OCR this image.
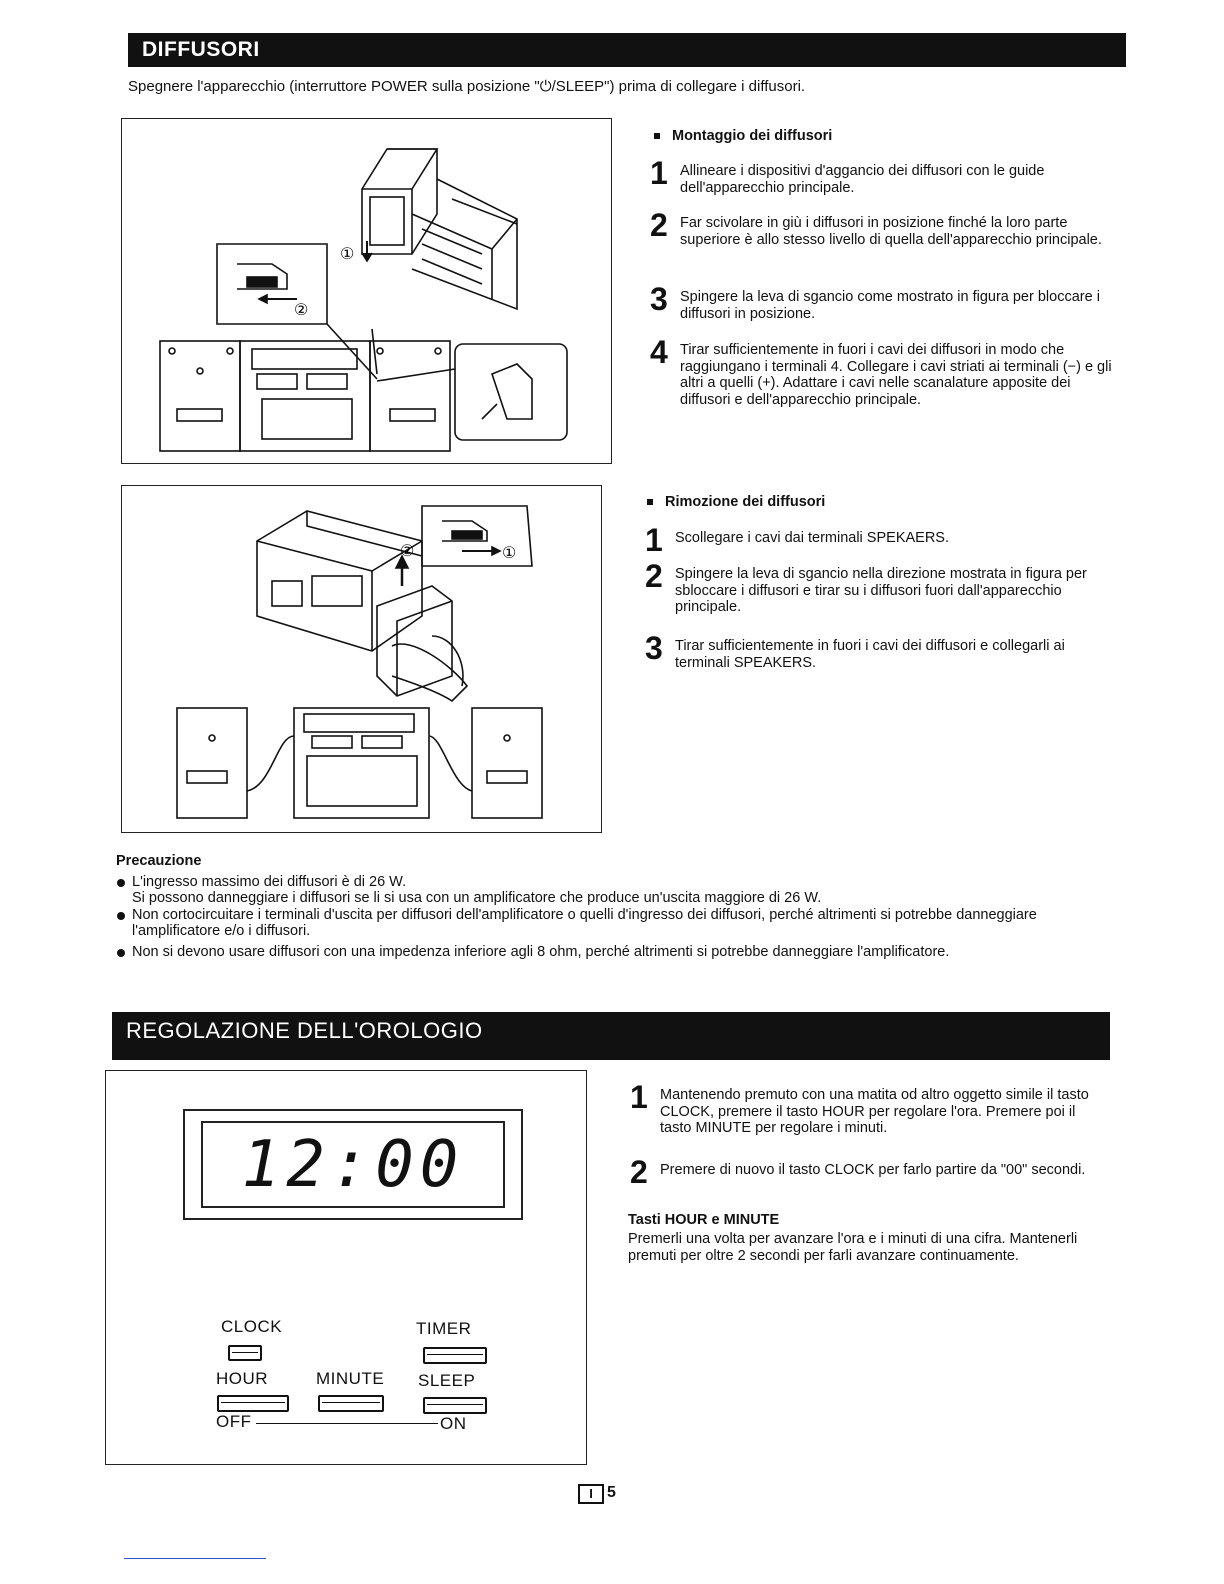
DIFFUSORI
Spegnere l'apparecchio (interruttore POWER sulla posizione "⏻/SLEEP") prima di collegare i diffusori.
①
②
Montaggio dei diffusori
1 Allineare i dispositivi d'aggancio dei diffusori con le guide dell'apparecchio principale.
2 Far scivolare in giù i diffusori in posizione finché la loro parte superiore è allo stesso livello di quella dell'apparecchio principale.
3 Spingere la leva di sgancio come mostrato in figura per bloccare i diffusori in posizione.
4 Tirar sufficientemente in fuori i cavi dei diffusori in modo che raggiungano i terminali 4. Collegare i cavi striati ai terminali (−) e gli altri a quelli (+). Adattare i cavi nelle scanalature apposite dei diffusori e dell'apparecchio principale.
②	①
Rimozione dei diffusori
1 Scollegare i cavi dai terminali SPEKAERS.
2 Spingere la leva di sgancio nella direzione mostrata in figura per sbloccare i diffusori e tirar su i diffusori fuori dall'apparecchio principale.
3 Tirar sufficientemente in fuori i cavi dei diffusori e collegarli ai terminali SPEAKERS.
Precauzione
L'ingresso massimo dei diffusori è di 26 W.
Si possono danneggiare i diffusori se li si usa con un amplificatore che produce un'uscita maggiore di 26 W.
Non cortocircuitare i terminali d'uscita per diffusori dell'amplificatore o quelli d'ingresso dei diffusori, perché altrimenti si potrebbe danneggiare l'amplificatore e/o i diffusori.
Non si devono usare diffusori con una impedenza inferiore agli 8 ohm, perché altrimenti si potrebbe danneggiare l'amplificatore.
REGOLAZIONE DELL'OROLOGIO
12:00
CLOCK	TIMER
HOUR	MINUTE SLEEP
OFF	ON
1 Mantenendo premuto con una matita od altro oggetto simile il tasto CLOCK, premere il tasto HOUR per regolare l'ora. Premere poi il tasto MINUTE per regolare i minuti.
2 Premere di nuovo il tasto CLOCK per farlo partire da "00" secondi.
Tasti HOUR e MINUTE
Premerli una volta per avanzare l'ora e i minuti di una cifra. Mantenerli premuti per oltre 2 secondi per farli avanzare continuamente.
I 5
